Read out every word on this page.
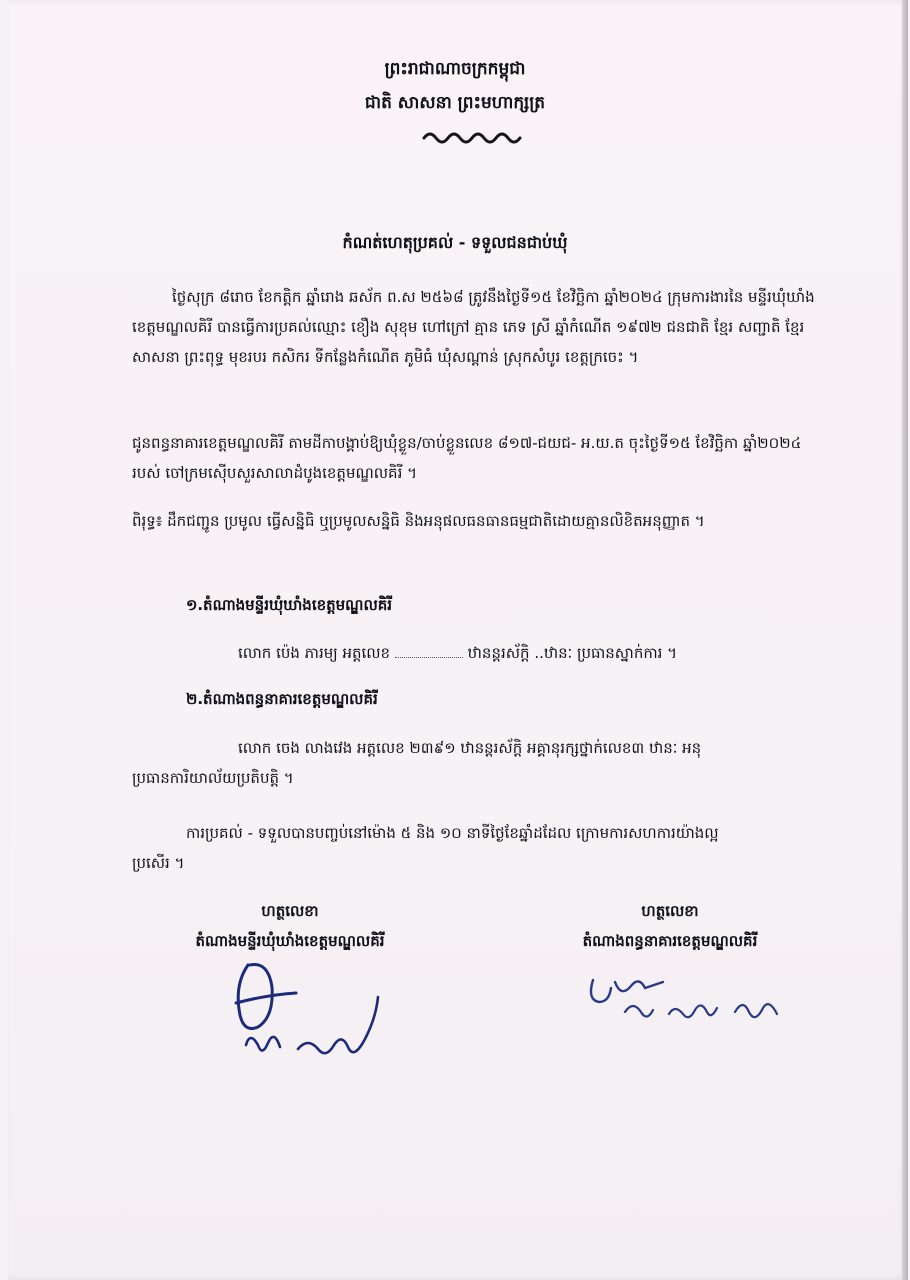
ព្រះរាជាណាចក្រកម្ពុជា
ជាតិ សាសនា ព្រះមហាក្សត្រ
កំណត់ហេតុប្រគល់ - ទទួលជនជាប់ឃុំ
ថ្ងៃសុក្រ ៨រោច ខែកត្តិក ឆ្នាំរោង ឆស័ក ព.ស ២៥៦៨ ត្រូវនឹងថ្ងៃទី១៥ ខែវិច្ឆិកា ឆ្នាំ២០២៤ ក្រុមការងារនៃ មន្ទីរឃុំឃាំងខេត្តមណ្ឌលគិរី បានធ្វើការប្រគល់ឈ្មោះ ខឿង សុខុម ហៅក្រៅ គ្មាន ភេទ ស្រី ឆ្នាំកំណើត ១៩៧២ ជនជាតិ ខ្មែរ សញ្ជាតិ ខ្មែរ សាសនា ព្រះពុទ្ធ មុខរបរ កសិករ ទីកន្លែងកំណើត ភូមិធំ ឃុំសណ្តាន់ ស្រុកសំបូរ ខេត្តក្រចេះ ។
ជូនពន្ធនាគារខេត្តមណ្ឌលគិរី តាមដីកាបង្គាប់ឱ្យឃុំខ្លួន/ចាប់ខ្លួនលេខ ៨១៧-ជយជ- អ.យ.ត ចុះថ្ងៃទី១៥ ខែវិច្ឆិកា ឆ្នាំ២០២៤ របស់ ចៅក្រមស៊ើបសួរសាលាដំបូងខេត្តមណ្ឌលគិរី ។
ពិរុទ្ធ៖ ដឹកជញ្ជូន ប្រមូល ធ្វើសន្និធិ ឬប្រមូលសន្និធិ និងអនុផលធនធានធម្មជាតិដោយគ្មានលិខិតអនុញ្ញាត ។
១.តំណាងមន្ទីរឃុំឃាំងខេត្តមណ្ឌលគិរី
លោក ប៉េង ភារម្យ អត្តលេខ	ឋានន្តរស័ក្តិ ..ឋានៈ ប្រធានស្នាក់ការ ។
២.តំណាងពន្ធនាគារខេត្តមណ្ឌលគិរី
លោក ចេង លាងវេង អត្តលេខ ២៣៩១ ឋានន្តរស័ក្តិ អគ្គានុរក្សថ្នាក់លេខ៣ ឋានៈ អនុ
ប្រធានការិយាល័យប្រតិបត្តិ ។
ការប្រគល់ - ទទួលបានបញ្ចប់នៅម៉ោង ៥ និង ១០ នាទីថ្ងៃខែឆ្នាំដដែល ក្រោមការសហការយ៉ាងល្អ
ប្រសើរ ។
ហត្ថលេខា
តំណាងមន្ទីរឃុំឃាំងខេត្តមណ្ឌលគិរី
ហត្ថលេខា
តំណាងពន្ធនាគារខេត្តមណ្ឌលគិរី
